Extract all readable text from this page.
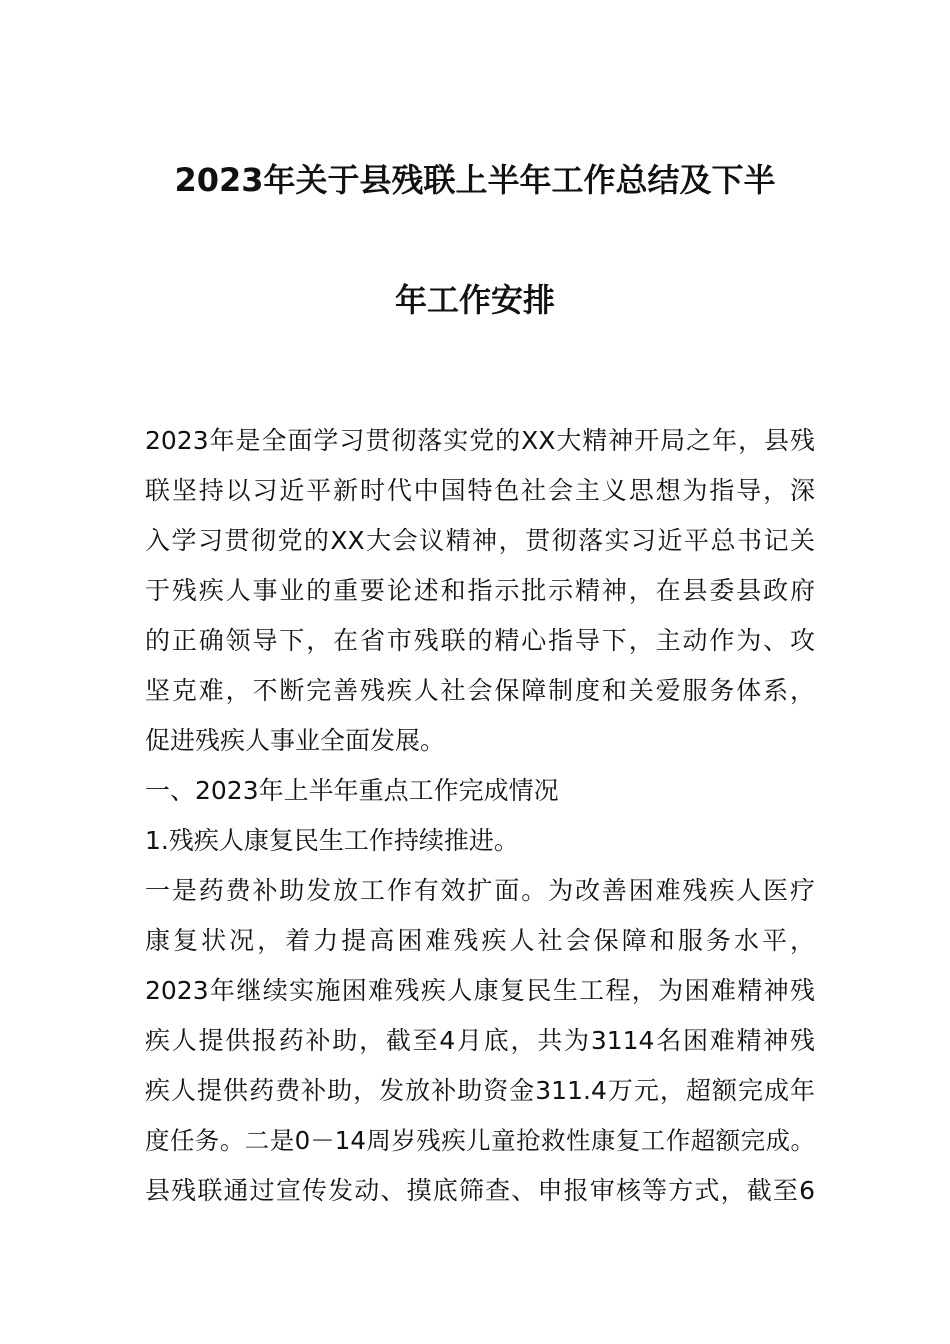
2023年关于县残联上半年工作总结及下半
年工作安排
2023年是全面学习贯彻落实党的XX大精神开局之年，县残
联坚持以习近平新时代中国特色社会主义思想为指导，深
入学习贯彻党的XX大会议精神，贯彻落实习近平总书记关
于残疾人事业的重要论述和指示批示精神，在县委县政府
的正确领导下，在省市残联的精心指导下，主动作为、攻
坚克难，不断完善残疾人社会保障制度和关爱服务体系，
促进残疾人事业全面发展。
一、2023年上半年重点工作完成情况
1.残疾人康复民生工作持续推进。
一是药费补助发放工作有效扩面。为改善困难残疾人医疗
康复状况，着力提高困难残疾人社会保障和服务水平，
2023年继续实施困难残疾人康复民生工程，为困难精神残
疾人提供报药补助，截至4月底，共为3114名困难精神残
疾人提供药费补助，发放补助资金311.4万元，超额完成年
度任务。二是0－14周岁残疾儿童抢救性康复工作超额完成。
县残联通过宣传发动、摸底筛查、申报审核等方式，截至6
